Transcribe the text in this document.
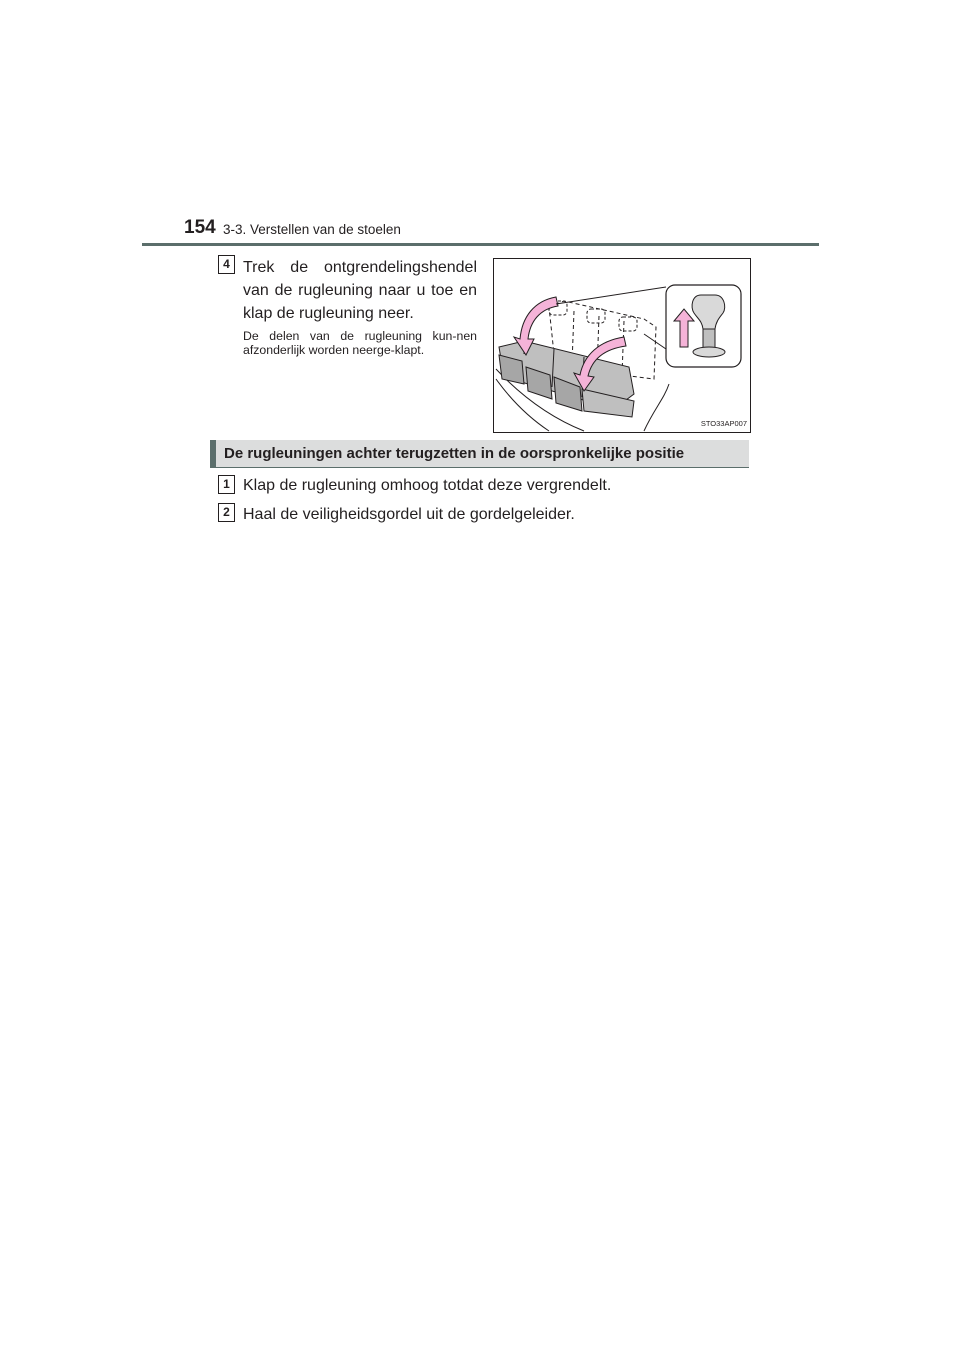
154 3-3. Verstellen van de stoelen
4 Trek de ontgrendelingshendel van de rugleuning naar u toe en klap de rugleuning neer.
De delen van de rugleuning kun-nen afzonderlijk worden neerge-klapt.
STO33AP007
De rugleuningen achter terugzetten in de oorspronkelijke positie
1 Klap de rugleuning omhoog totdat deze vergrendelt.
2 Haal de veiligheidsgordel uit de gordelgeleider.
